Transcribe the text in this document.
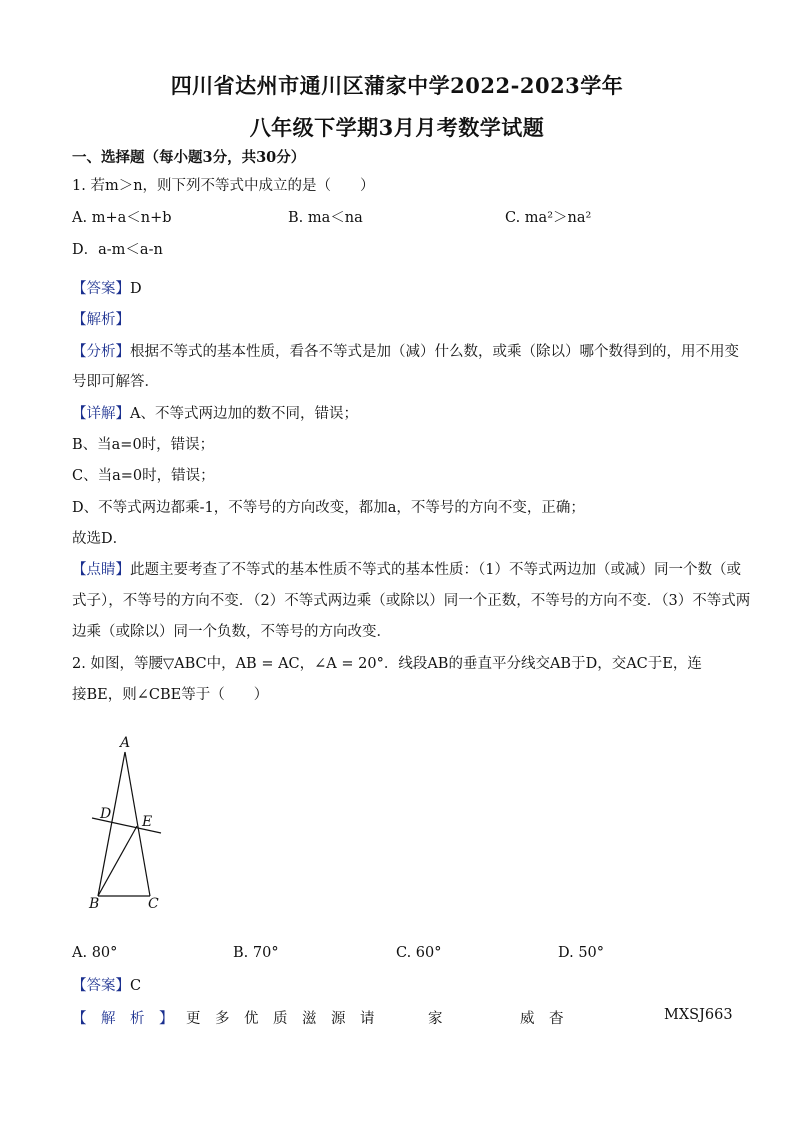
四川省达州市通川区蒲家中学2022-2023学年
八年级下学期3月月考数学试题
一、选择题（每小题3分，共30分）
1. 若m＞n，则下列不等式中成立的是（　　）
A. m+a＜n+b	B. ma＜na	C. ma²＞na²
D．a-m＜a-n
【答案】D
【解析】
【分析】根据不等式的基本性质，看各不等式是加（减）什么数，或乘（除以）哪个数得到的，用不用变
号即可解答．
【详解】A、不等式两边加的数不同，错误；
B、当a=0时，错误；
C、当a=0时，错误；
D、不等式两边都乘-1，不等号的方向改变，都加a，不等号的方向不变，正确；
故选D．
【点睛】此题主要考查了不等式的基本性质不等式的基本性质：（1）不等式两边加（或减）同一个数（或
式子），不等号的方向不变．（2）不等式两边乘（或除以）同一个正数，不等号的方向不变．（3）不等式两
边乘（或除以）同一个负数，不等号的方向改变．
2. 如图，等腰▽ABC中，AB = AC，∠A = 20°．线段AB的垂直平分线交AB于D，交AC于E，连
接BE，则∠CBE等于（　　）
A
D E
B	C
A. 80°	B. 70°	C. 60°	D. 50°
【答案】C
【　解　析　】 更　多　优　质　滋　源　请	家	威　杳	MXSJ663
